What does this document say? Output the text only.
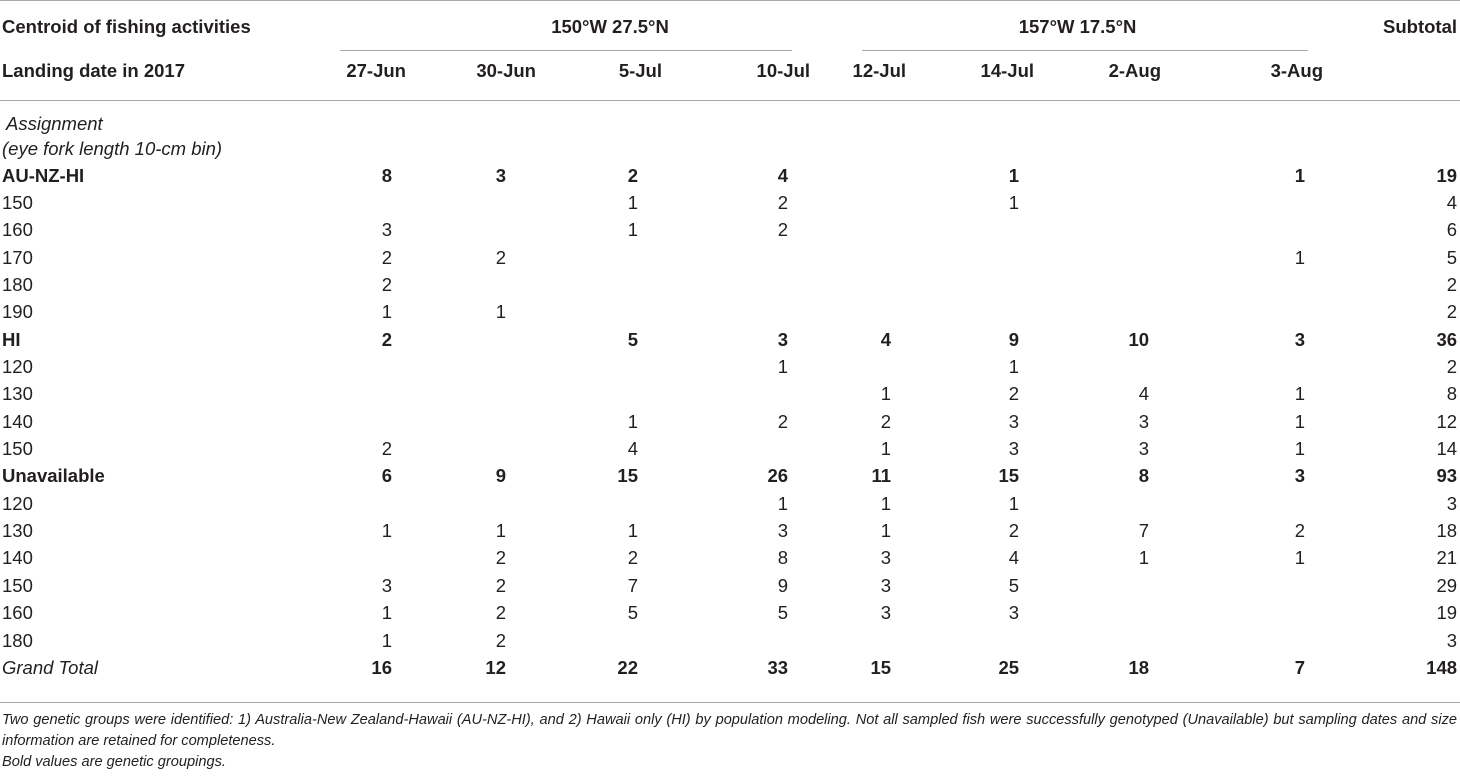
Centroid of fishing activities	150°W 27.5°N				157°W 17.5°N				Subtotal
Landing date in 2017	27-Jun	30-Jun	5-Jul	10-Jul	12-Jul	14-Jul	2-Aug	3-Aug	
Assignment									
(eye fork length 10-cm bin)									
AU-NZ-HI	8	3	2	4		1		1	19
150			1	2		1			4
160	3		1	2					6
170	2	2						1	5
180	2								2
190	1	1							2
HI	2		5	3	4	9	10	3	36
120				1		1			2
130					1	2	4	1	8
140			1	2	2	3	3	1	12
150	2		4		1	3	3	1	14
Unavailable	6	9	15	26	11	15	8	3	93
120				1	1	1			3
130	1	1	1	3	1	2	7	2	18
140		2	2	8	3	4	1	1	21
150	3	2	7	9	3	5			29
160	1	2	5	5	3	3			19
180	1	2							3
Grand Total	16	12	22	33	15	25	18	7	148

Two genetic groups were identified: 1) Australia-New Zealand-Hawaii (AU-NZ-HI), and 2) Hawaii only (HI) by population modeling. Not all sampled fish were successfully genotyped (Unavailable) but sampling dates and size information are retained for completeness.

Bold values are genetic groupings.
